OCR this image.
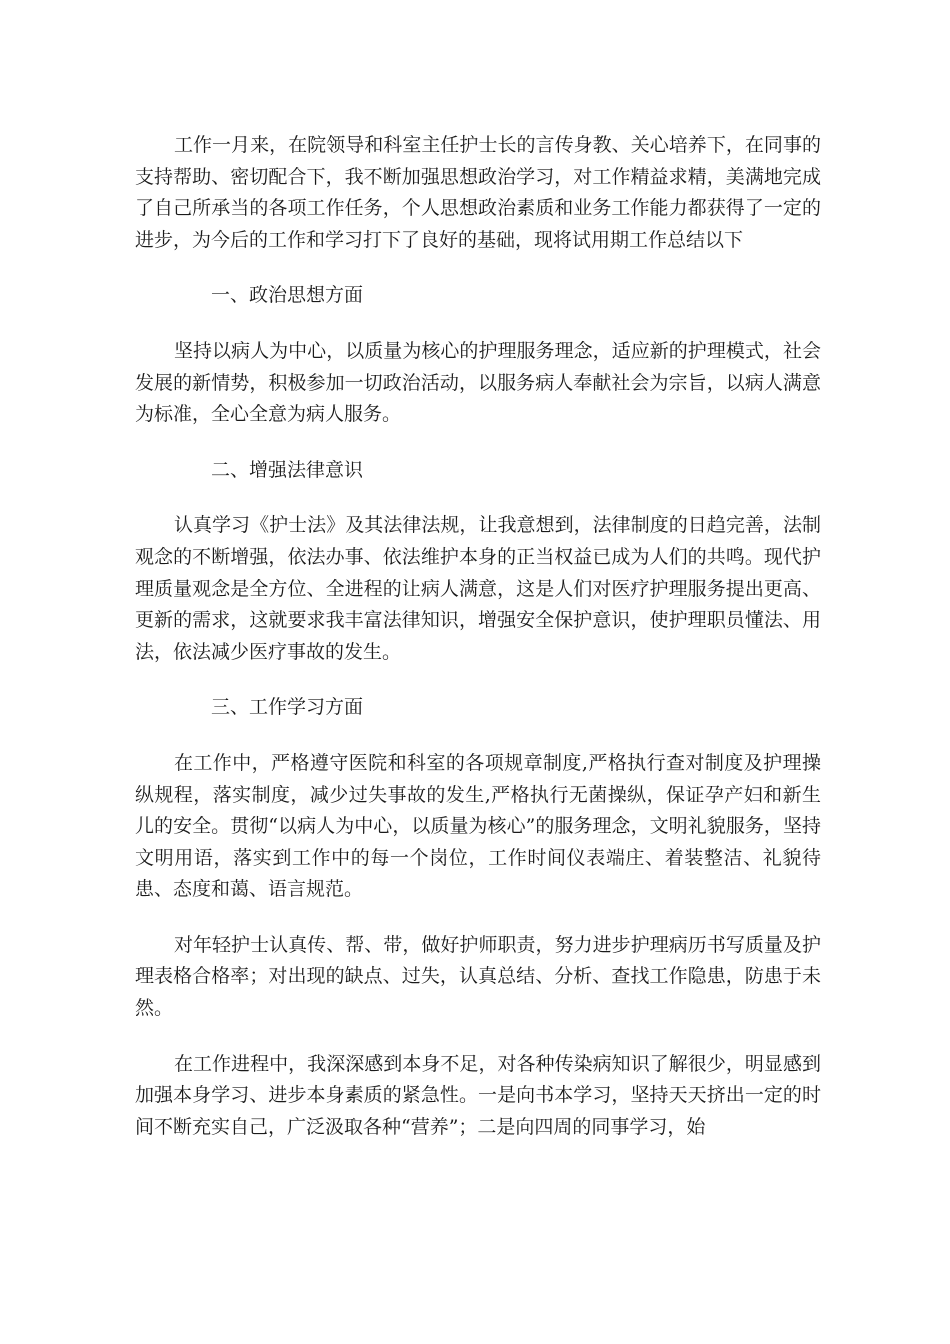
工作一月来，在院领导和科室主任护士长的言传身教、关心培养下，在同事的支持帮助、密切配合下，我不断加强思想政治学习，对工作精益求精，美满地完成了自己所承当的各项工作任务，个人思想政治素质和业务工作能力都获得了一定的进步，为今后的工作和学习打下了良好的基础，现将试用期工作总结以下

一、政治思想方面

坚持以病人为中心，以质量为核心的护理服务理念，适应新的护理模式，社会发展的新情势，积极参加一切政治活动，以服务病人奉献社会为宗旨，以病人满意为标准，全心全意为病人服务。

二、增强法律意识

认真学习《护士法》及其法律法规，让我意想到，法律制度的日趋完善，法制观念的不断增强，依法办事、依法维护本身的正当权益已成为人们的共鸣。现代护理质量观念是全方位、全进程的让病人满意，这是人们对医疗护理服务提出更高、更新的需求，这就要求我丰富法律知识，增强安全保护意识，使护理职员懂法、用法，依法减少医疗事故的发生。

三、工作学习方面

在工作中，严格遵守医院和科室的各项规章制度,严格执行查对制度及护理操纵规程，落实制度，减少过失事故的发生,严格执行无菌操纵，保证孕产妇和新生儿的安全。贯彻“以病人为中心，以质量为核心”的服务理念，文明礼貌服务，坚持文明用语，落实到工作中的每一个岗位，工作时间仪表端庄、着装整洁、礼貌待患、态度和蔼、语言规范。

对年轻护士认真传、帮、带，做好护师职责，努力进步护理病历书写质量及护理表格合格率；对出现的缺点、过失，认真总结、分析、查找工作隐患，防患于未然。

在工作进程中，我深深感到本身不足，对各种传染病知识了解很少，明显感到加强本身学习、进步本身素质的紧急性。一是向书本学习，坚持天天挤出一定的时间不断充实自己，广泛汲取各种“营养”；二是向四周的同事学习，始
